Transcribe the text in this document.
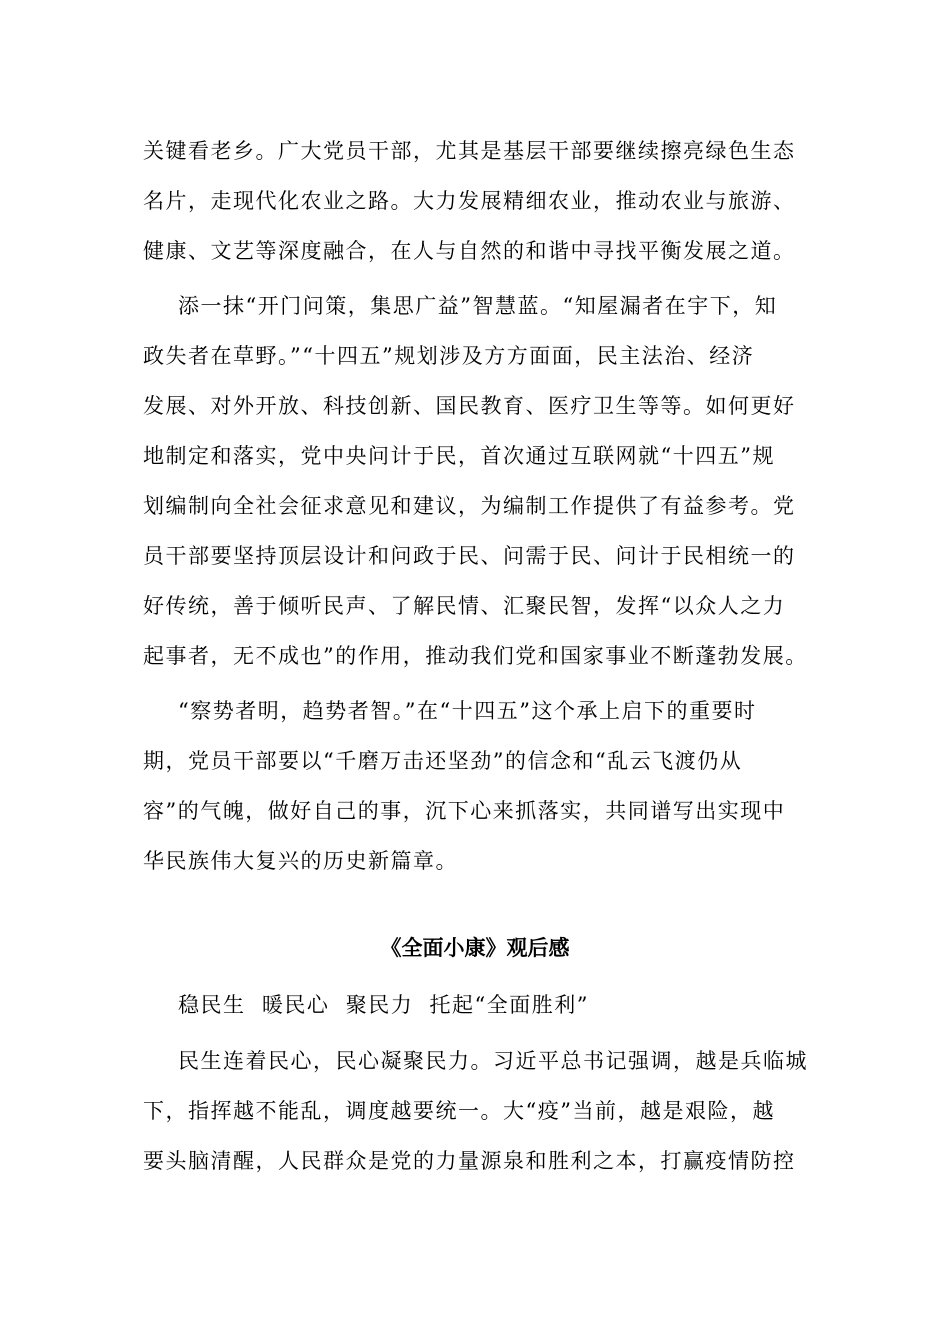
关键看老乡。广大党员干部，尤其是基层干部要继续擦亮绿色生态
名片，走现代化农业之路。大力发展精细农业，推动农业与旅游、
健康、文艺等深度融合，在人与自然的和谐中寻找平衡发展之道。
添一抹“开门问策，集思广益”智慧蓝。“知屋漏者在宇下，知
政失者在草野。”“十四五”规划涉及方方面面，民主法治、经济
发展、对外开放、科技创新、国民教育、医疗卫生等等。如何更好
地制定和落实，党中央问计于民，首次通过互联网就“十四五”规
划编制向全社会征求意见和建议，为编制工作提供了有益参考。党
员干部要坚持顶层设计和问政于民、问需于民、问计于民相统一的
好传统，善于倾听民声、了解民情、汇聚民智，发挥“以众人之力
起事者，无不成也”的作用，推动我们党和国家事业不断蓬勃发展。
“察势者明，趋势者智。”在“十四五”这个承上启下的重要时
期，党员干部要以“千磨万击还坚劲”的信念和“乱云飞渡仍从
容”的气魄，做好自己的事，沉下心来抓落实，共同谱写出实现中
华民族伟大复兴的历史新篇章。
《全面小康》观后感
稳民生  暖民心  聚民力  托起“全面胜利”
民生连着民心，民心凝聚民力。习近平总书记强调，越是兵临城
下，指挥越不能乱，调度越要统一。大“疫”当前，越是艰险，越
要头脑清醒，人民群众是党的力量源泉和胜利之本，打赢疫情防控
